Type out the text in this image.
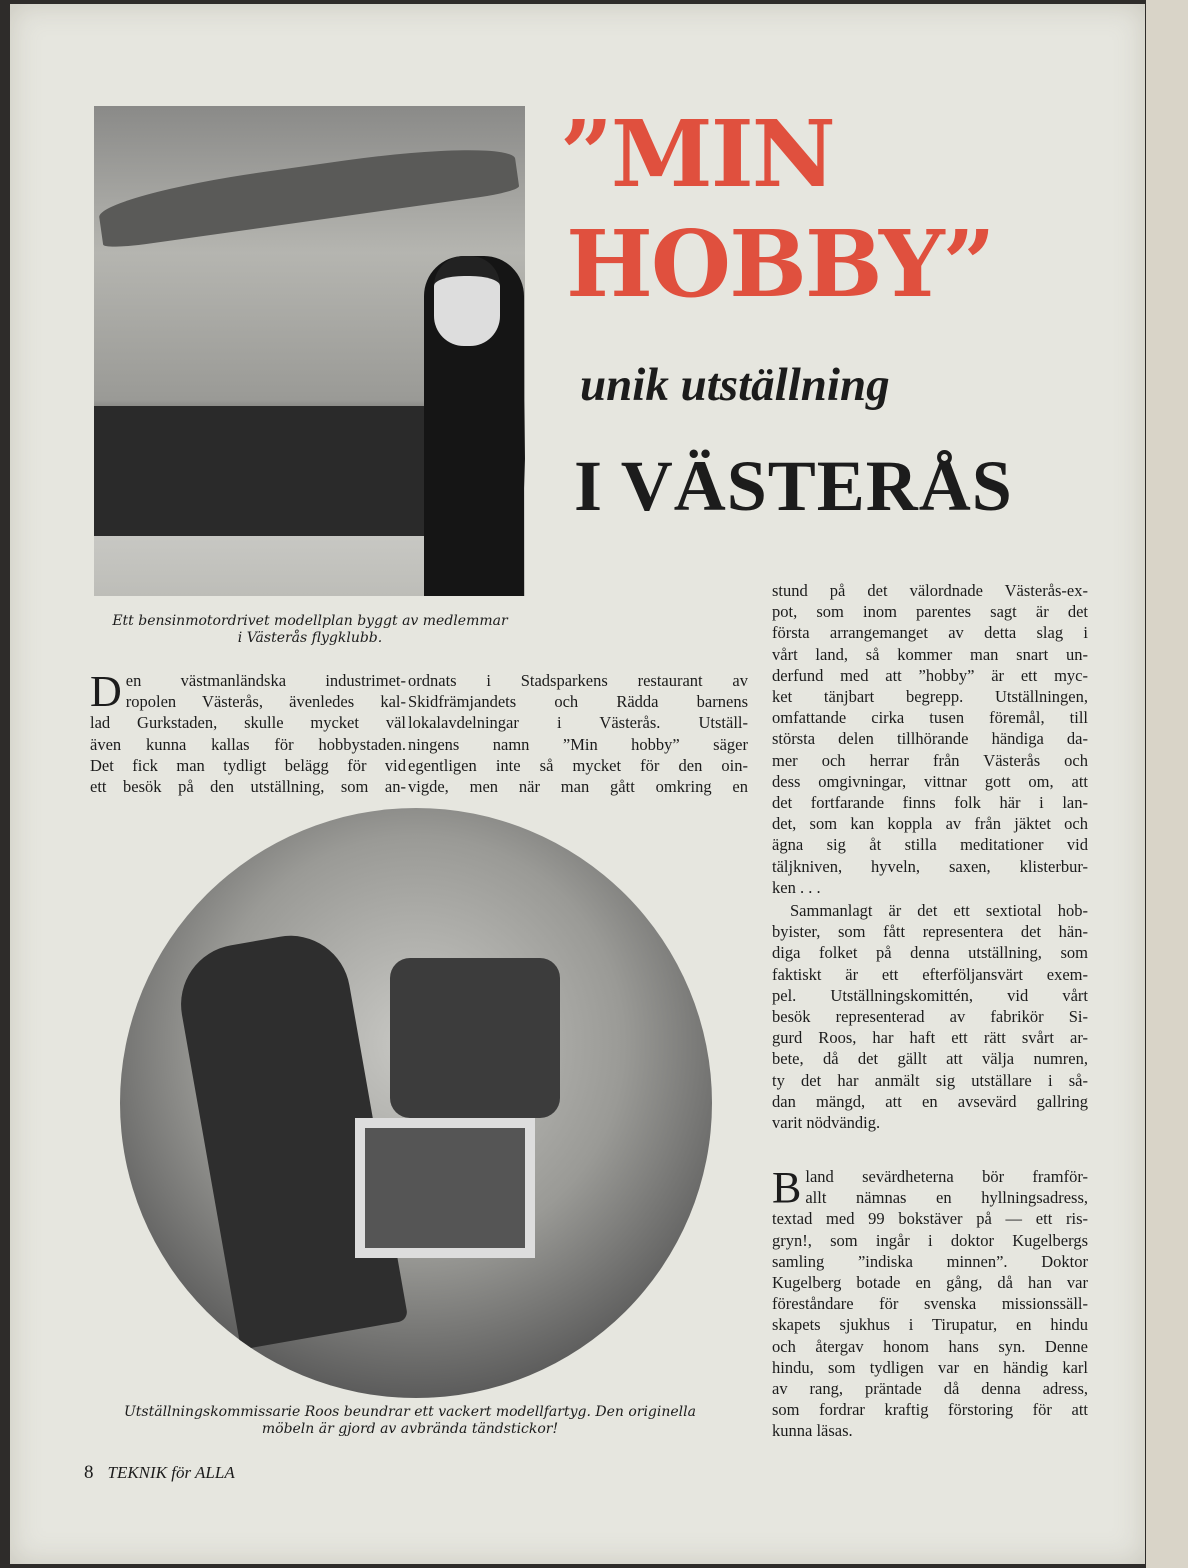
”MIN
HOBBY”
unik utställning
I VÄSTERÅS
Ett bensinmotordrivet modellplan byggt av medlemmar
i Västerås flygklubb.
D en västmanländska industrimet-
ropolen Västerås, ävenledes kal-
lad Gurkstaden, skulle mycket väl
även kunna kallas för hobbystaden.
Det fick man tydligt belägg för vid
ett besök på den utställning, som an-
ordnats i Stadsparkens restaurant av
Skidfrämjandets och Rädda barnens
lokalavdelningar i Västerås. Utställ-
ningens namn ”Min hobby” säger
egentligen inte så mycket för den oin-
vigde, men när man gått omkring en
Utställningskommissarie Roos beundrar ett vackert modellfartyg. Den originella
möbeln är gjord av avbrända tändstickor!
stund på det välordnade Västerås-ex-
pot, som inom parentes sagt är det
första arrangemanget av detta slag i
vårt land, så kommer man snart un-
derfund med att ”hobby” är ett myc-
ket tänjbart begrepp. Utställningen,
omfattande cirka tusen föremål, till
största delen tillhörande händiga da-
mer och herrar från Västerås och
dess omgivningar, vittnar gott om, att
det fortfarande finns folk här i lan-
det, som kan koppla av från jäktet och
ägna sig åt stilla meditationer vid
täljkniven, hyveln, saxen, klisterbur-
ken . . .
Sammanlagt är det ett sextiotal hob-
byister, som fått representera det hän-
diga folket på denna utställning, som
faktiskt är ett efterföljansvärt exem-
pel. Utställningskomittén, vid vårt
besök representerad av fabrikör Si-
gurd Roos, har haft ett rätt svårt ar-
bete, då det gällt att välja numren,
ty det har anmält sig utställare i så-
dan mängd, att en avsevärd gallring
varit nödvändig.
B land sevärdheterna bör framför-
allt nämnas en hyllningsadress,
textad med 99 bokstäver på — ett ris-
gryn!, som ingår i doktor Kugelbergs
samling ”indiska minnen”. Doktor
Kugelberg botade en gång, då han var
föreståndare för svenska missionssäll-
skapets sjukhus i Tirupatur, en hindu
och återgav honom hans syn. Denne
hindu, som tydligen var en händig karl
av rang, präntade då denna adress,
som fordrar kraftig förstoring för att
kunna läsas.
8 TEKNIK för ALLA
